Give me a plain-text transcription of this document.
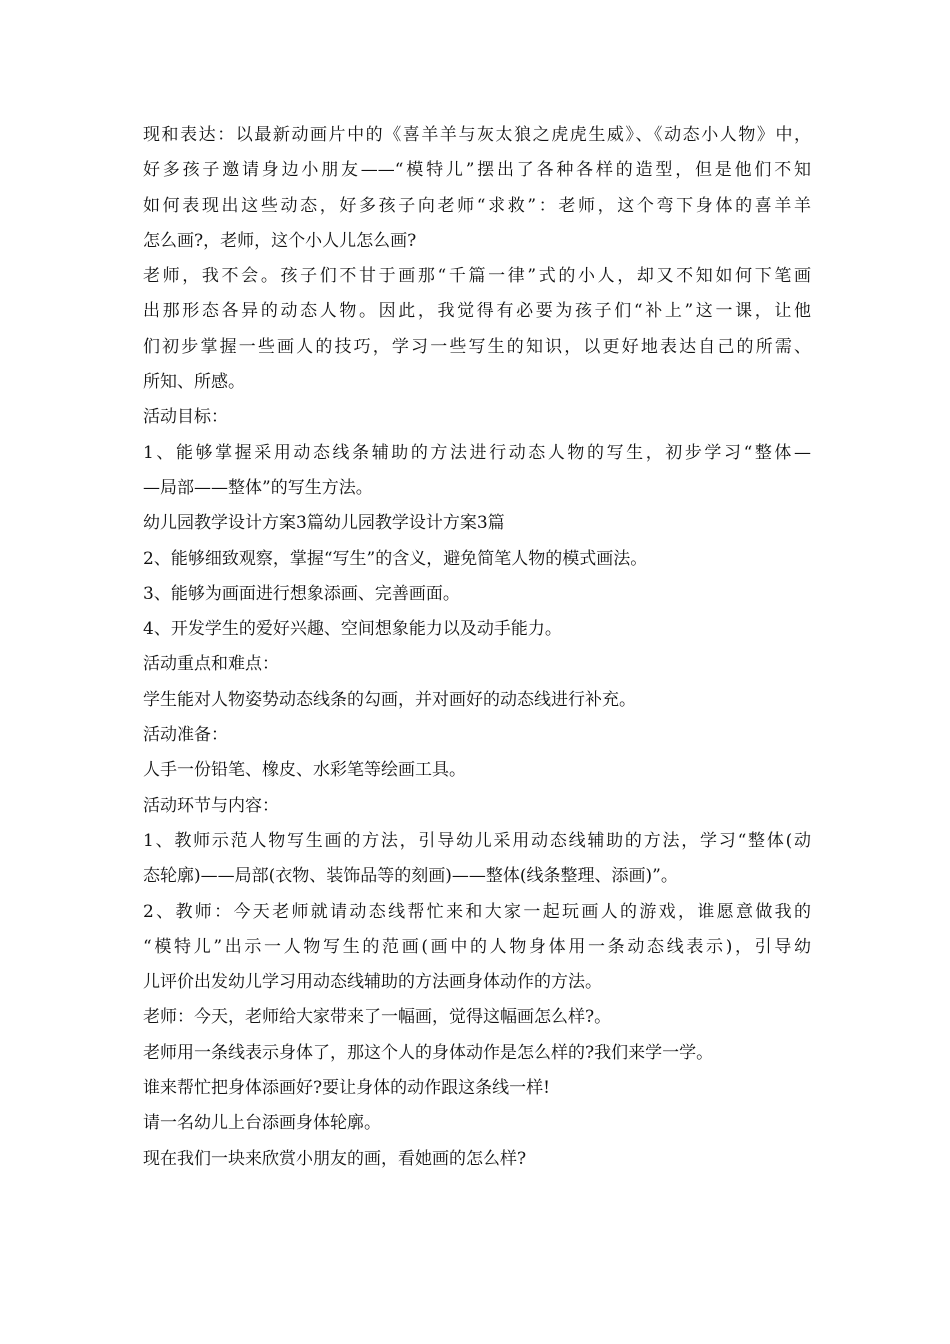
现和表达：以最新动画片中的《喜羊羊与灰太狼之虎虎生威》、《动态小人物》中，
好多孩子邀请身边小朋友——“模特儿”摆出了各种各样的造型，但是他们不知
如何表现出这些动态，好多孩子向老师“求救”：老师，这个弯下身体的喜羊羊
怎么画?，老师，这个小人儿怎么画?
老师，我不会。孩子们不甘于画那“千篇一律”式的小人，却又不知如何下笔画
出那形态各异的动态人物。因此，我觉得有必要为孩子们“补上”这一课，让他
们初步掌握一些画人的技巧，学习一些写生的知识，以更好地表达自己的所需、
所知、所感。
活动目标：
1、能够掌握采用动态线条辅助的方法进行动态人物的写生，初步学习“整体—
—局部——整体”的写生方法。
幼儿园教学设计方案3篇幼儿园教学设计方案3篇
2、能够细致观察，掌握“写生”的含义，避免简笔人物的模式画法。
3、能够为画面进行想象添画、完善画面。
4、开发学生的爱好兴趣、空间想象能力以及动手能力。
活动重点和难点：
学生能对人物姿势动态线条的勾画，并对画好的动态线进行补充。
活动准备：
人手一份铅笔、橡皮、水彩笔等绘画工具。
活动环节与内容：
1、教师示范人物写生画的方法，引导幼儿采用动态线辅助的方法，学习“整体(动
态轮廓)——局部(衣物、装饰品等的刻画)——整体(线条整理、添画)”。
2、教师：今天老师就请动态线帮忙来和大家一起玩画人的游戏，谁愿意做我的
“模特儿”出示一人物写生的范画(画中的人物身体用一条动态线表示)，引导幼
儿评价出发幼儿学习用动态线辅助的方法画身体动作的方法。
老师：今天，老师给大家带来了一幅画，觉得这幅画怎么样?。
老师用一条线表示身体了，那这个人的身体动作是怎么样的?我们来学一学。
谁来帮忙把身体添画好?要让身体的动作跟这条线一样!
请一名幼儿上台添画身体轮廓。
现在我们一块来欣赏小朋友的画，看她画的怎么样?
